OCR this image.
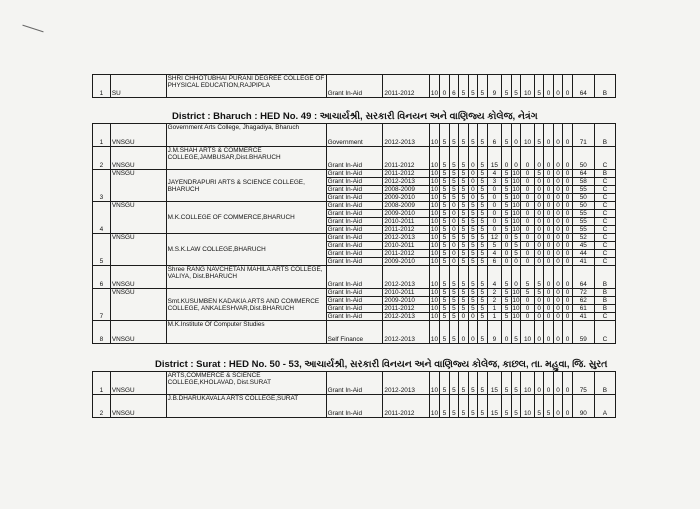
District : Bharuch : HED No. 49 : આચાર્યશ્રી, સરકારી વિનયન અને વાણિજ્ય કોલેજ, નેત્રંગ
District : Surat : HED No. 50 - 53, આચાર્યશ્રી, સરકારી વિનયન અને વાણિજ્ય કોલેજ, કાછલ, તા. મહુવા, જિ. સુરત
1	SU	SHRI CHHOTUBHAI PURANI DEGREE COLLEGE OF PHYSICAL EDUCATION,RAJPIPLA	Grant In-Aid	2011-2012	10	0	6	5	5	5	9	5	5	10	5	0	0	0	64	B
1	VNSGU	Government Arts College, Jhagadiya, Bharuch	Government	2012-2013	10	5	5	5	5	5	6	5	0	10	5	0	0	0	71	B
2	VNSGU	J.M.SHAH ARTS & COMMERCE COLLEGE,JAMBUSAR,Dist.BHARUCH	Grant In-Aid	2011-2012	10	5	5	5	0	5	15	0	0	0	0	0	0	0	50	C
3	VNSGU	JAYENDRAPURI ARTS & SCIENCE COLLEGE, BHARUCH	Grant In-Aid	2011-2012	10	5	5	5	0	5	4	5	10	0	5	0	0	0	64	B
			Grant In-Aid	2012-2013	10	5	5	5	0	5	3	5	10	0	0	0	0	0	58	C
			Grant In-Aid	2008-2009	10	5	5	5	0	5	0	5	10	0	0	0	0	0	55	C
			Grant In-Aid	2009-2010	10	5	5	5	0	5	0	5	10	0	0	0	0	0	50	C
4	VNSGU	M.K.COLLEGE OF COMMERCE,BHARUCH	Grant In-Aid	2008-2009	10	5	0	5	5	5	0	5	10	0	0	0	0	0	50	C
			Grant In-Aid	2009-2010	10	5	0	5	5	5	0	5	10	0	0	0	0	0	55	C
			Grant In-Aid	2010-2011	10	5	0	5	5	5	0	5	10	0	0	0	0	0	55	C
			Grant In-Aid	2011-2012	10	5	0	5	5	5	0	5	10	0	0	0	0	0	55	C
5	VNSGU	M.S.K.LAW COLLEGE,BHARUCH	Grant In-Aid	2012-2013	10	5	5	5	5	5	12	0	5	0	0	0	0	0	52	C
			Grant In-Aid	2010-2011	10	5	0	5	5	5	5	0	5	0	0	0	0	0	45	C
			Grant In-Aid	2011-2012	10	5	0	5	5	5	4	0	5	0	0	0	0	0	44	C
			Grant In-Aid	2009-2010	10	5	0	5	5	5	6	0	0	0	0	0	0	0	41	C
6	VNSGU	Shree RANG NAVCHETAN MAHILA ARTS COLLEGE, VALIYA, Dist.BHARUCH	Grant In-Aid	2012-2013	10	5	5	5	5	5	4	5	0	5	5	0	0	0	64	B
7	VNSGU	Smt.KUSUMBEN KADAKIA ARTS AND COMMERCE COLLEGE, ANKALESHVAR,Dist.BHARUCH	Grant In-Aid	2010-2011	10	5	5	5	5	5	2	5	10	5	5	0	0	0	72	B
			Grant In-Aid	2009-2010	10	5	5	5	5	5	2	5	10	0	0	0	0	0	62	B
			Grant In-Aid	2011-2012	10	5	5	5	5	5	1	5	10	0	0	0	0	0	61	B
			Grant In-Aid	2012-2013	10	5	5	0	0	5	1	5	10	0	0	0	0	0	41	C
8	VNSGU	M.K.Institute Of Computer Studies	Self Finance	2012-2013	10	5	5	0	0	5	9	0	5	10	0	0	0	0	59	C
1	VNSGU	ARTS,COMMERCE & SCIENCE COLLEGE,KHOLAVAD, Dist.SURAT	Grant In-Aid	2012-2013	10	5	5	5	5	5	15	5	5	10	0	0	0	0	75	B
2	VNSGU	J.B.DHARUKAVALA ARTS COLLEGE,SURAT	Grant In-Aid	2011-2012	10	5	5	5	5	5	15	5	5	10	5	5	0	0	90	A
